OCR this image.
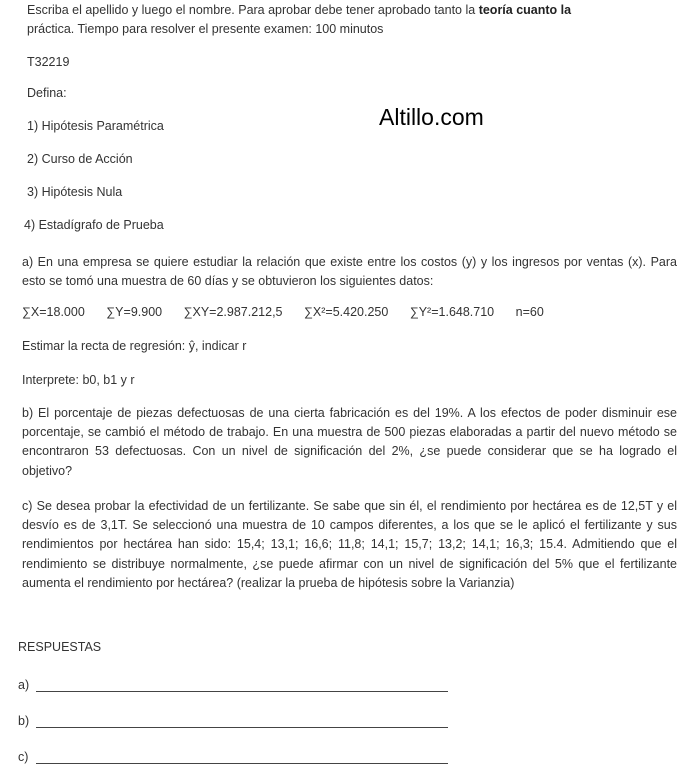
Escriba el apellido y luego el nombre. Para aprobar debe tener aprobado tanto la teoría cuanto la
práctica. Tiempo para resolver el presente examen: 100 minutos
T32219
Defina:
Altillo.com
1) Hipótesis Paramétrica
2) Curso de Acción
3) Hipótesis Nula
4) Estadígrafo de Prueba
a) En una empresa se quiere estudiar la relación que existe entre los costos (y) y los ingresos por ventas (x). Para esto se tomó una muestra de 60 días y se obtuvieron los siguientes datos:
∑X=18.000 ∑Y=9.900 ∑XY=2.987.212,5 ∑X²=5.420.250 ∑Y²=1.648.710 n=60
Estimar la recta de regresión: ŷ, indicar r
Interprete: b0, b1 y r
b) El porcentaje de piezas defectuosas de una cierta fabricación es del 19%. A los efectos de poder disminuir ese porcentaje, se cambió el método de trabajo. En una muestra de 500 piezas elaboradas a partir del nuevo método se encontraron 53 defectuosas. Con un nivel de significación del 2%, ¿se puede considerar que se ha logrado el objetivo?
c) Se desea probar la efectividad de un fertilizante. Se sabe que sin él, el rendimiento por hectárea es de 12,5T y el desvío es de 3,1T. Se seleccionó una muestra de 10 campos diferentes, a los que se le aplicó el fertilizante y sus rendimientos por hectárea han sido: 15,4; 13,1; 16,6; 11,8; 14,1; 15,7; 13,2; 14,1; 16,3; 15.4. Admitiendo que el rendimiento se distribuye normalmente, ¿se puede afirmar con un nivel de significación del 5% que el fertilizante aumenta el rendimiento por hectárea? (realizar la prueba de hipótesis sobre la Varianzia)
RESPUESTAS
a)
b)
c)
